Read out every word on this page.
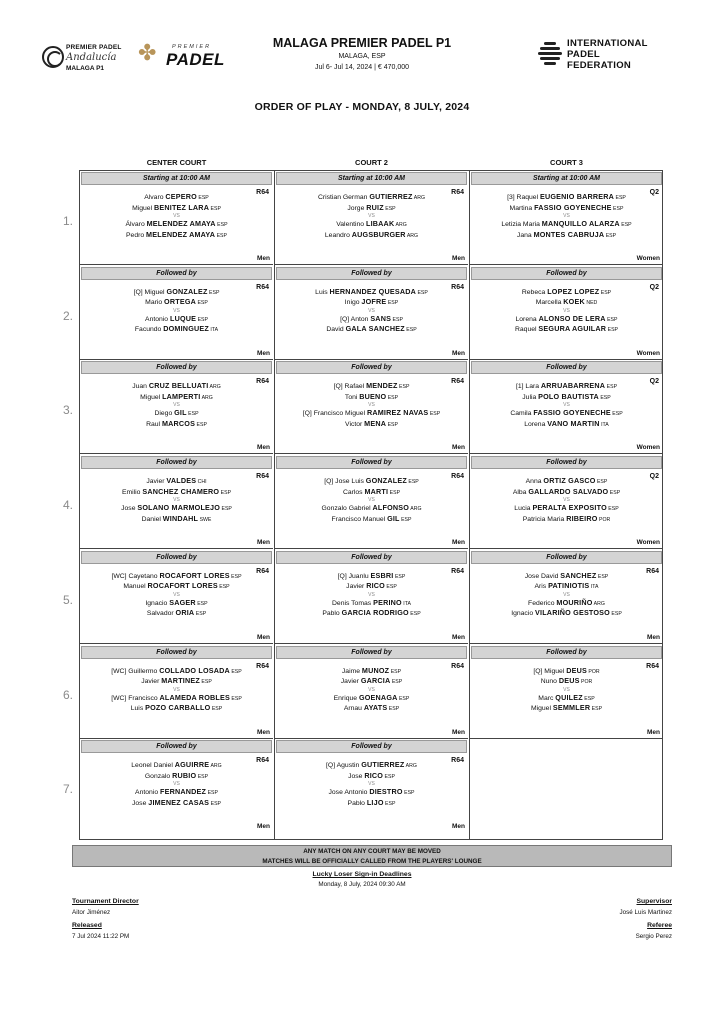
PREMIER PADEL
Andalucía
MALAGA P1
✤	PREMIER
PADEL
MALAGA PREMIER PADEL P1
MALAGA, ESP
Jul 6- Jul 14, 2024 | € 470,000
INTERNATIONAL
PADEL
FEDERATION
ORDER OF PLAY - MONDAY, 8 JULY, 2024
CENTER COURT	COURT 2	COURT 3
1.
2.
3.
4.
5.
6.
7.
Starting at 10:00 AM
R64
Alvaro CEPERO ESP
Miguel BENITEZ LARA ESP
VS
Álvaro MELENDEZ AMAYA ESP
Pedro MELENDEZ AMAYA ESP
Men
Starting at 10:00 AM
R64
Cristian German GUTIERREZ ARG
Jorge RUIZ ESP
VS
Valentino LIBAAK ARG
Leandro AUGSBURGER ARG
Men
Starting at 10:00 AM
Q2
[3] Raquel EUGENIO BARRERA ESP
Martina FASSIO GOYENECHE ESP
VS
Letizia Maria MANQUILLO ALARZA ESP
Jana MONTES CABRUJA ESP
Women
Followed by
R64
[Q] Miguel GONZALEZ ESP
Mario ORTEGA ESP
VS
Antonio LUQUE ESP
Facundo DOMINGUEZ ITA
Men
Followed by
R64
Luis HERNANDEZ QUESADA ESP
Inigo JOFRE ESP
VS
[Q] Anton SANS ESP
David GALA SANCHEZ ESP
Men
Followed by
Q2
Rebeca LOPEZ LOPEZ ESP
Marcella KOEK NED
VS
Lorena ALONSO DE LERA ESP
Raquel SEGURA AGUILAR ESP
Women
Followed by
R64
Juan CRUZ BELLUATI ARG
Miguel LAMPERTI ARG
VS
Diego GIL ESP
Raul MARCOS ESP
Men
Followed by
R64
[Q] Rafael MENDEZ ESP
Toni BUENO ESP
VS
[Q] Francisco Miguel RAMIREZ NAVAS ESP
Victor MENA ESP
Men
Followed by
Q2
[1] Lara ARRUABARRENA ESP
Julia POLO BAUTISTA ESP
VS
Camila FASSIO GOYENECHE ESP
Lorena VANO MARTIN ITA
Women
Followed by
R64
Javier VALDES CHI
Emilio SANCHEZ CHAMERO ESP
VS
Jose SOLANO MARMOLEJO ESP
Daniel WINDAHL SWE
Men
Followed by
R64
[Q] Jose Luis GONZALEZ ESP
Carlos MARTI ESP
VS
Gonzalo Gabriel ALFONSO ARG
Francisco Manuel GIL ESP
Men
Followed by
Q2
Anna ORTIZ GASCO ESP
Alba GALLARDO SALVADO ESP
VS
Lucia PERALTA EXPOSITO ESP
Patricia Maria RIBEIRO POR
Women
Followed by
R64
[WC] Cayetano ROCAFORT LORES ESP
Manuel ROCAFORT LORES ESP
VS
Ignacio SAGER ESP
Salvador ORIA ESP
Men
Followed by
R64
[Q] Juanlu ESBRI ESP
Javier RICO ESP
VS
Denis Tomas PERINO ITA
Pablo GARCIA RODRIGO ESP
Men
Followed by
R64
Jose David SANCHEZ ESP
Aris PATINIOTIS ITA
VS
Federico MOURIÑO ARG
Ignacio VILARIÑO GESTOSO ESP
Men
Followed by
R64
[WC] Guillermo COLLADO LOSADA ESP
Javier MARTINEZ ESP
VS
[WC] Francisco ALAMEDA ROBLES ESP
Luis POZO CARBALLO ESP
Men
Followed by
R64
Jaime MUNOZ ESP
Javier GARCIA ESP
VS
Enrique GOENAGA ESP
Arnau AYATS ESP
Men
Followed by
R64
[Q] Miguel DEUS POR
Nuno DEUS POR
VS
Marc QUILEZ ESP
Miguel SEMMLER ESP
Men
Followed by
R64
Leonel Daniel AGUIRRE ARG
Gonzalo RUBIO ESP
VS
Antonio FERNANDEZ ESP
Jose JIMENEZ CASAS ESP
Men
Followed by
R64
[Q] Agustin GUTIERREZ ARG
Jose RICO ESP
VS
Jose Antonio DIESTRO ESP
Pablo LIJO ESP
Men
ANY MATCH ON ANY COURT MAY BE MOVED
MATCHES WILL BE OFFICIALLY CALLED FROM THE PLAYERS' LOUNGE
Lucky Loser Sign-in Deadlines
Monday, 8 July, 2024 09:30 AM
Tournament Director
Aitor Jiménez
Released
7 Jul 2024 11:22 PM
Supervisor
José Luis Martinez
Referee
Sergio Perez
